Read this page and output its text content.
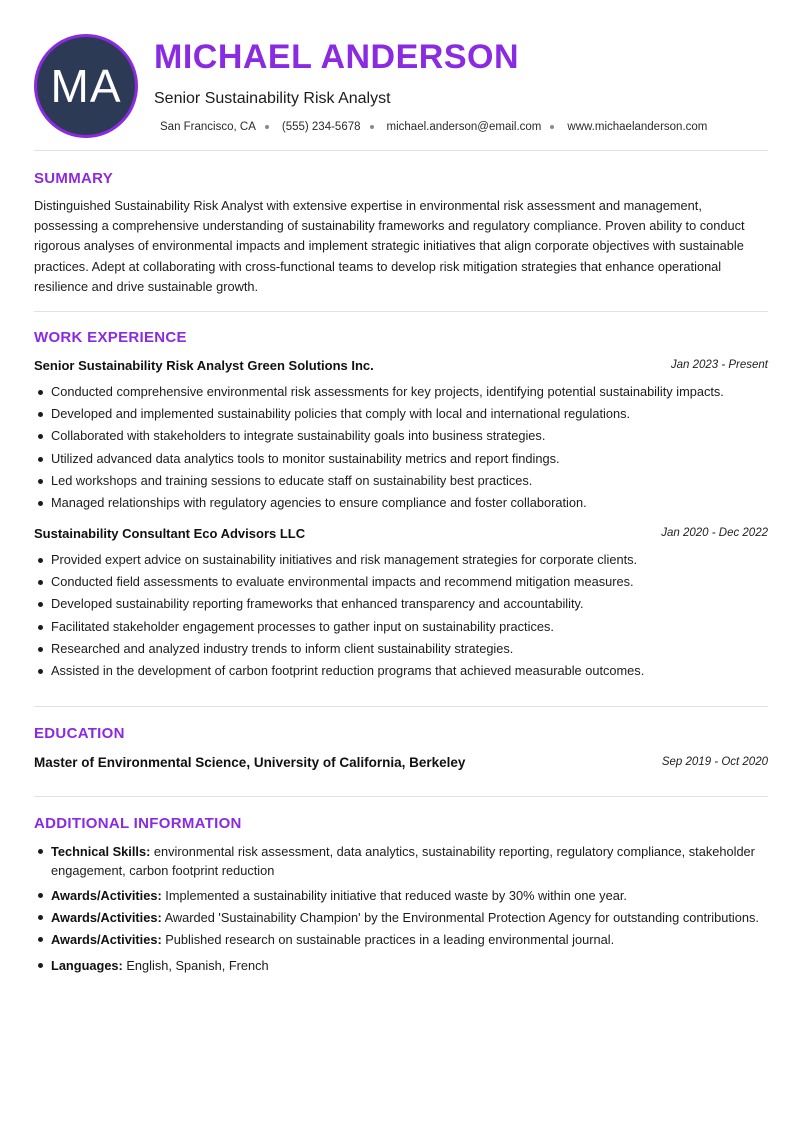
MA
MICHAEL ANDERSON
Senior Sustainability Risk Analyst
San Francisco, CA (555) 234-5678 michael.anderson@email.com www.michaelanderson.com
SUMMARY

Distinguished Sustainability Risk Analyst with extensive expertise in environmental risk assessment and management, possessing a comprehensive understanding of sustainability frameworks and regulatory compliance. Proven ability to conduct rigorous analyses of environmental impacts and implement strategic initiatives that align corporate objectives with sustainable practices. Adept at collaborating with cross-functional teams to develop risk mitigation strategies that enhance operational resilience and drive sustainable growth.

WORK EXPERIENCE
Senior Sustainability Risk Analyst Green Solutions Inc.	Jan 2023 - Present
Conducted comprehensive environmental risk assessments for key projects, identifying potential sustainability impacts.
Developed and implemented sustainability policies that comply with local and international regulations.
Collaborated with stakeholders to integrate sustainability goals into business strategies.
Utilized advanced data analytics tools to monitor sustainability metrics and report findings.
Led workshops and training sessions to educate staff on sustainability best practices.
Managed relationships with regulatory agencies to ensure compliance and foster collaboration.
Sustainability Consultant Eco Advisors LLC	Jan 2020 - Dec 2022
Provided expert advice on sustainability initiatives and risk management strategies for corporate clients.
Conducted field assessments to evaluate environmental impacts and recommend mitigation measures.
Developed sustainability reporting frameworks that enhanced transparency and accountability.
Facilitated stakeholder engagement processes to gather input on sustainability practices.
Researched and analyzed industry trends to inform client sustainability strategies.
Assisted in the development of carbon footprint reduction programs that achieved measurable outcomes.
EDUCATION
Master of Environmental Science, University of California, Berkeley	Sep 2019 - Oct 2020
ADDITIONAL INFORMATION
Technical Skills: environmental risk assessment, data analytics, sustainability reporting, regulatory compliance, stakeholder engagement, carbon footprint reduction
Awards/Activities: Implemented a sustainability initiative that reduced waste by 30% within one year.
Awards/Activities: Awarded 'Sustainability Champion' by the Environmental Protection Agency for outstanding contributions.
Awards/Activities: Published research on sustainable practices in a leading environmental journal.
Languages: English, Spanish, French
